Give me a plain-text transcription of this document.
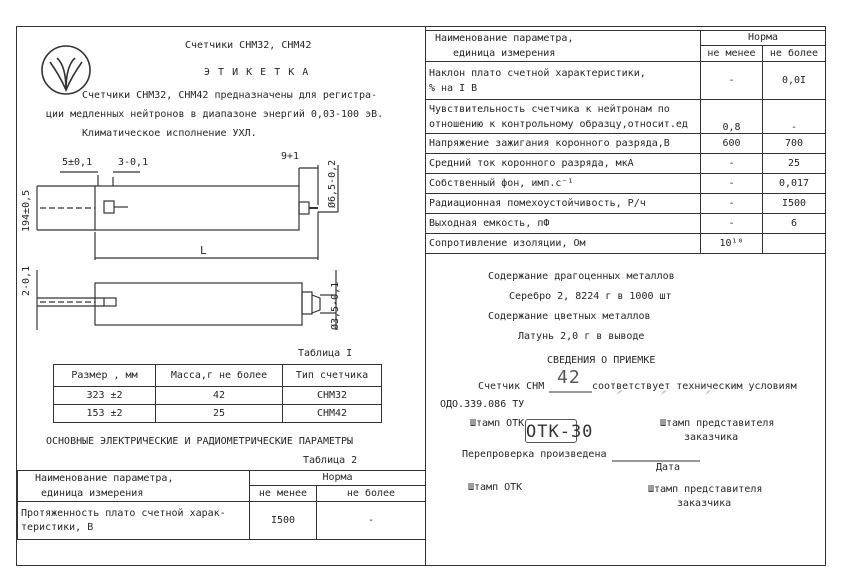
Счетчики СНМ32, СНМ42
Э Т И К Е Т К А
Счетчики СНМ32, СНМ42 предназначены для регистра-
ции медленных нейтронов в диапазоне энергий 0,03-100 эВ.
Климатическое исполнение УХЛ.
5±0,1	3-0,1
9+1
194±0,5
Ø6,5-0,2
L
2-0,1
Ø3,5-0,1
Таблица I
Размер , мм	Масса,г не более	Тип счетчика
323 ±2	42	СНМ32
153 ±2	25	СНМ42
ОСНОВНЫЕ ЭЛЕКТРИЧЕСКИЕ И РАДИОМЕТРИЧЕСКИЕ ПАРАМЕТРЫ
Таблица 2
Наименование параметра,
единица измерения	Норма	
	не менее	не более

Протяженность плато счетной харак-
теристики, В	I500	-
Наименование параметра,
единица измерения	Норма	
	не менее	не более

Наклон плато счетной характеристики,
% на I В	-	0,0I

Чувствительность счетчика к нейтронам по
отношению к контрольному образцу,относит.ед	0,8	-
Напряжение зажигания коронного разряда,В	600	700
Средний ток коронного разряда, мкА	-	25
Собственный фон, имп.с⁻¹	-	0,017
Радиационная помехоустойчивость, Р/ч	-	I500
Выходная емкость, пФ	-	6
Сопротивление изоляции, Ом	10¹⁰	
Содержание драгоценных металлов
Серебро 2, 8224 г в 1000 шт
Содержание цветных металлов
Латунь 2,0 г в выводе
СВЕДЕНИЯ О ПРИЕМКЕ
Счетчик СНМ 42 соответствует техническим условиям
ˊ ˊ ˊ
ОДО.339.086 ТУ
Штамп ОТК ОТК-30	Штамп представителя
заказчика
Перепроверка произведена
Дата
Штамп ОТК	Штамп представителя
заказчика
